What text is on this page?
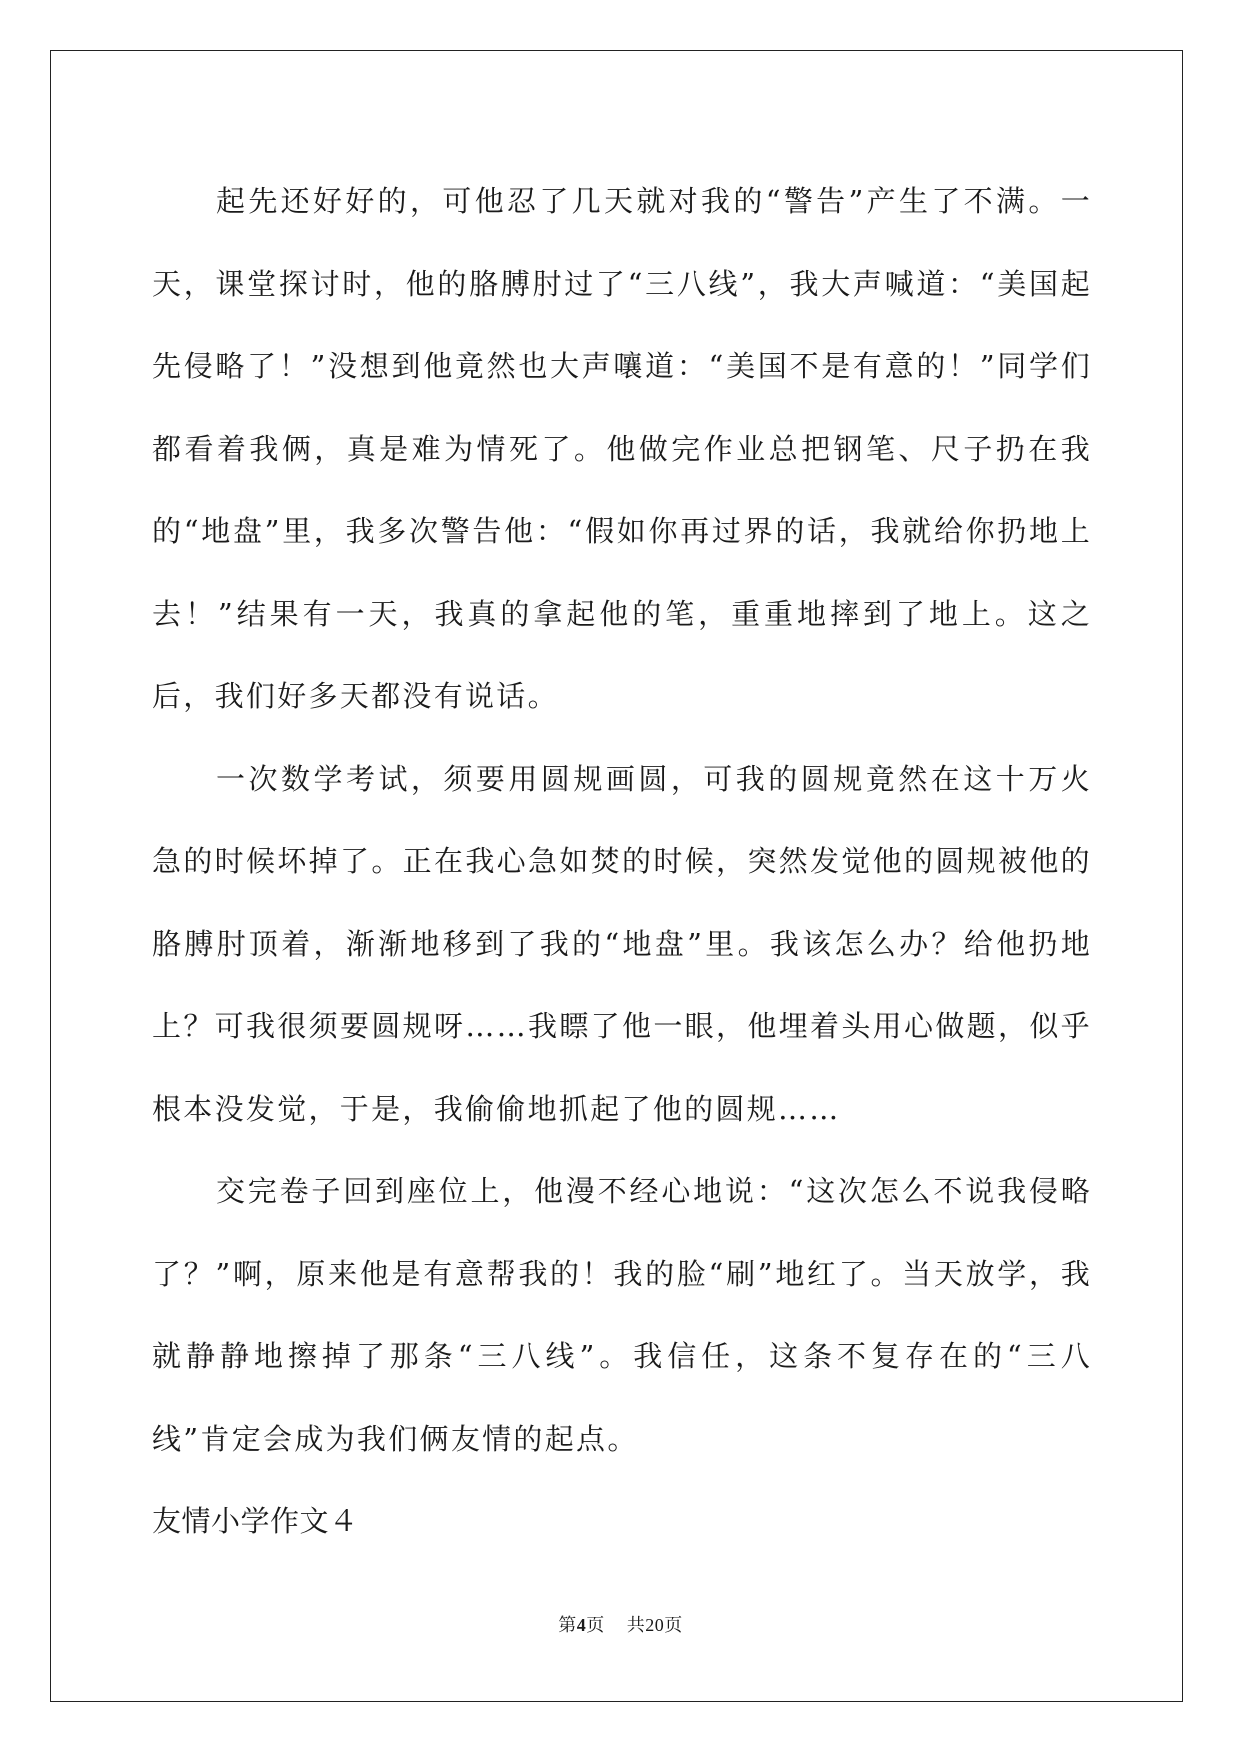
起先还好好的，可他忍了几天就对我的“警告”产生了不满。一天，课堂探讨时，他的胳膊肘过了“三八线”，我大声喊道：“美国起先侵略了！”没想到他竟然也大声嚷道：“美国不是有意的！”同学们都看着我俩，真是难为情死了。他做完作业总把钢笔、尺子扔在我的“地盘”里，我多次警告他：“假如你再过界的话，我就给你扔地上去！”结果有一天，我真的拿起他的笔，重重地摔到了地上。这之后，我们好多天都没有说话。

一次数学考试，须要用圆规画圆，可我的圆规竟然在这十万火急的时候坏掉了。正在我心急如焚的时候，突然发觉他的圆规被他的胳膊肘顶着，渐渐地移到了我的“地盘”里。我该怎么办？给他扔地上？可我很须要圆规呀……我瞟了他一眼，他埋着头用心做题，似乎根本没发觉，于是，我偷偷地抓起了他的圆规……

交完卷子回到座位上，他漫不经心地说：“这次怎么不说我侵略了？”啊，原来他是有意帮我的！我的脸“刷”地红了。当天放学，我就静静地擦掉了那条“三八线”。我信任，这条不复存在的“三八线”肯定会成为我们俩友情的起点。

友情小学作文４

第4页 共20页
